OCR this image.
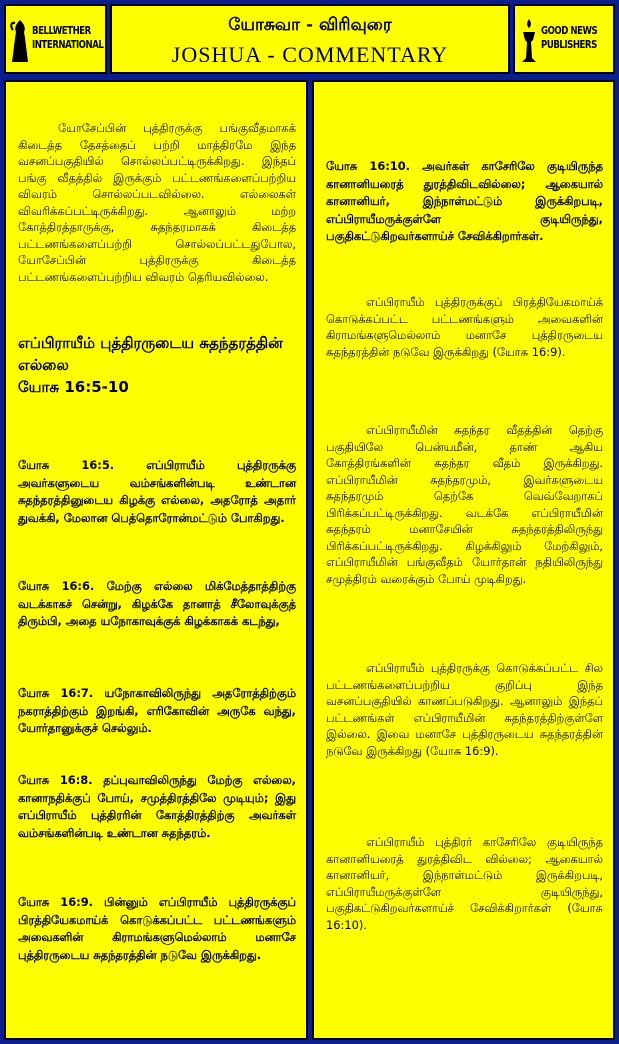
BELLWETHER
INTERNATIONAL
யோசுவா - விரிவுரை
JOSHUA - COMMENTARY
GOOD NEWS
PUBLISHERS

யோசேப்பின் புத்திரருக்கு பங்குவீதமாகக் கிடைத்த தேசத்தைப் பற்றி மாத்திரமே இந்த வசனப்பகுதியில் சொல்லப்பட்டிருக்கிறது. இந்தப் பங்கு வீதத்தில் இருக்கும் பட்டணங்களைப்பற்றிய விவரம் சொல்லப்படவில்லை. எல்லைகள் விவரிக்கப்பட்டிருக்கிறது. ஆனாலும் மற்ற கோத்திரத்தாருக்கு, சுதந்தரமாகக் கிடைத்த பட்டணங்களைப்பற்றி சொல்லப்பட்டதுபோல, யோசேப்பின் புத்திரருக்கு கிடைத்த பட்டணங்களைப்பற்றிய விவரம் தெரியவில்லை.

எப்பிராயீம் புத்திரருடைய சுதந்தரத்தின் எல்லை
யோசு 16:5-10

யோசு 16:5. எப்பிராயீம் புத்திரருக்கு அவர்களுடைய வம்சங்களின்படி உண்டான சுதந்தரத்தினுடைய கிழக்கு எல்லை, அதரோத் அதார் துவக்கி, மேலான பெத்தொரோன்மட்டும் போகிறது.

யோசு 16:6. மேற்கு எல்லை மிக்மேத்தாத்திற்கு வடக்காகச் சென்று, கிழக்கே தானாத் சீலோவுக்குத் திரும்பி, அதை யநோகாவுக்குக் கிழக்காகக் கடந்து,

யோசு 16:7. யநோகாவிலிருந்து அதரோத்திற்கும் நகராத்திற்கும் இறங்கி, எரிகோவின் அருகே வந்து, யோர்தானுக்குச் செல்லும்.

யோசு 16:8. தப்புவாவிலிருந்து மேற்கு எல்லை, கானாநதிக்குப் போய், சமுத்திரத்திலே முடியும்; இது எப்பிராயீம் புத்திரரின் கோத்திரத்திற்கு அவர்கள் வம்சங்களின்படி உண்டான சுதந்தரம்.

யோசு 16:9. பின்னும் எப்பிராயீம் புத்திரருக்குப் பிரத்தியேகமாய்க் கொடுக்கப்பட்ட பட்டணங்களும் அவைகளின் கிராமங்களுமெல்லாம் மனாசே புத்திரருடைய சுதந்தரத்தின் நடுவே இருக்கிறது.

யோசு 16:10. அவர்கள் காசேரிலே குடியிருந்த கானானியரைத் துரத்திவிடவில்லை; ஆகையால் கானானியர், இந்நாள்மட்டும் இருக்கிறபடி, எப்பிராயீமருக்குள்ளே குடியிருந்து, பகுதிகட்டுகிறவர்களாய்ச் சேவிக்கிறார்கள்.

எப்பிராயீம் புத்திரருக்குப் பிரத்தியேகமாய்க் கொடுக்கப்பட்ட பட்டணங்களும் அவைகளின் கிராமங்களுமெல்லாம் மனாசே புத்திரருடைய சுதந்தரத்தின் நடுவே இருக்கிறது (யோசு 16:9).

எப்பிராயீமின் சுதந்தர வீதத்தின் தெற்கு பகுதியிலே பென்யமீன், தாண் ஆகிய கோத்திரங்களின் சுதந்தர வீதம் இருக்கிறது. எப்பிராயீமின் சுதந்தரமும், இவர்களுடைய சுதந்தரமும் தெற்கே வெவ்வேறாகப் பிரிக்கப்பட்டிருக்கிறது. வடக்கே எப்பிராயீமின் சுதந்தரம் மனாசேயின் சுதந்தரத்திலிருந்து பிரிக்கப்பட்டிருக்கிறது. கிழக்கிலும் மேற்கிலும், எப்பிராயீமின் பங்குவீதம் யோர்தான் நதியிலிருந்து சமுத்திரம் வரைக்கும் போய் முடிகிறது.

எப்பிராயீம் புத்திரருக்கு கொடுக்கப்பட்ட சில பட்டணங்களைப்பற்றிய குறிப்பு இந்த வசனப்பகுதியில் காணப்படுகிறது. ஆனாலும் இந்தப் பட்டணங்கள் எப்பிராயீமின் சுதந்தரத்திற்குள்ளே இல்லை. இவை மனாசே புத்திரருடைய சுதந்தரத்தின் நடுவே இருக்கிறது (யோசு 16:9).

எப்பிராயீம் புத்திரர் காசேரிலே குடியிருந்த கானானியரைத் துரத்திவிட வில்லை; ஆகையால் கானானியர், இந்நாள்மட்டும் இருக்கிறபடி, எப்பிராயீமருக்குள்ளே குடியிருந்து, பகுதிகட்டுகிறவர்களாய்ச் சேவிக்கிறார்கள் (யோசு 16:10).
